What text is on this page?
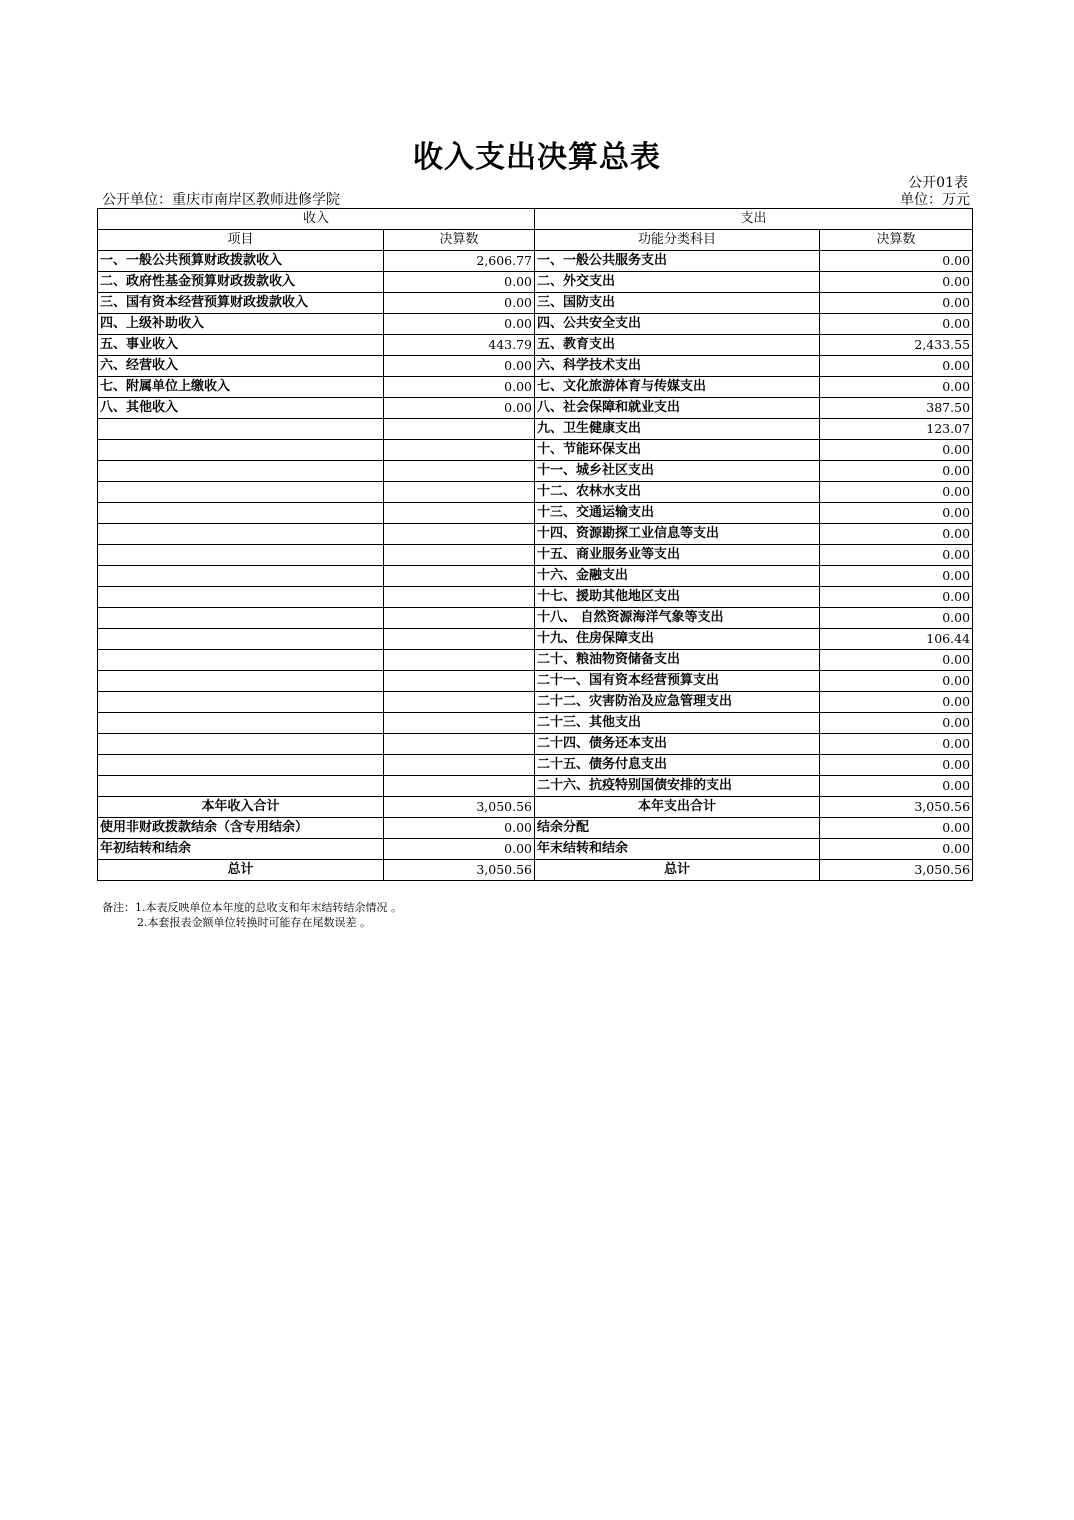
收入支出决算总表
公开01表
公开单位：重庆市南岸区教师进修学院	单位：万元
收入		支出	
项目	决算数	功能分类科目	决算数
一、一般公共预算财政拨款收入	2,606.77	一、一般公共服务支出	0.00
二、政府性基金预算财政拨款收入	0.00	二、外交支出	0.00
三、国有资本经营预算财政拨款收入	0.00	三、国防支出	0.00
四、上级补助收入	0.00	四、公共安全支出	0.00
五、事业收入	443.79	五、教育支出	2,433.55
六、经营收入	0.00	六、科学技术支出	0.00
七、附属单位上缴收入	0.00	七、文化旅游体育与传媒支出	0.00
八、其他收入	0.00	八、社会保障和就业支出	387.50
		九、卫生健康支出	123.07
		十、节能环保支出	0.00
		十一、城乡社区支出	0.00
		十二、农林水支出	0.00
		十三、交通运输支出	0.00
		十四、资源勘探工业信息等支出	0.00
		十五、商业服务业等支出	0.00
		十六、金融支出	0.00
		十七、援助其他地区支出	0.00
		十八、 自然资源海洋气象等支出	0.00
		十九、住房保障支出	106.44
		二十、粮油物资储备支出	0.00
		二十一、国有资本经营预算支出	0.00
		二十二、灾害防治及应急管理支出	0.00
		二十三、其他支出	0.00
		二十四、债务还本支出	0.00
		二十五、债务付息支出	0.00
		二十六、抗疫特别国债安排的支出	0.00
本年收入合计	3,050.56	本年支出合计	3,050.56
使用非财政拨款结余（含专用结余）	0.00	结余分配	0.00
年初结转和结余	0.00	年末结转和结余	0.00
总计	3,050.56	总计	3,050.56
备注：1.本表反映单位本年度的总收支和年末结转结余情况 。
2.本套报表金额单位转换时可能存在尾数误差 。
